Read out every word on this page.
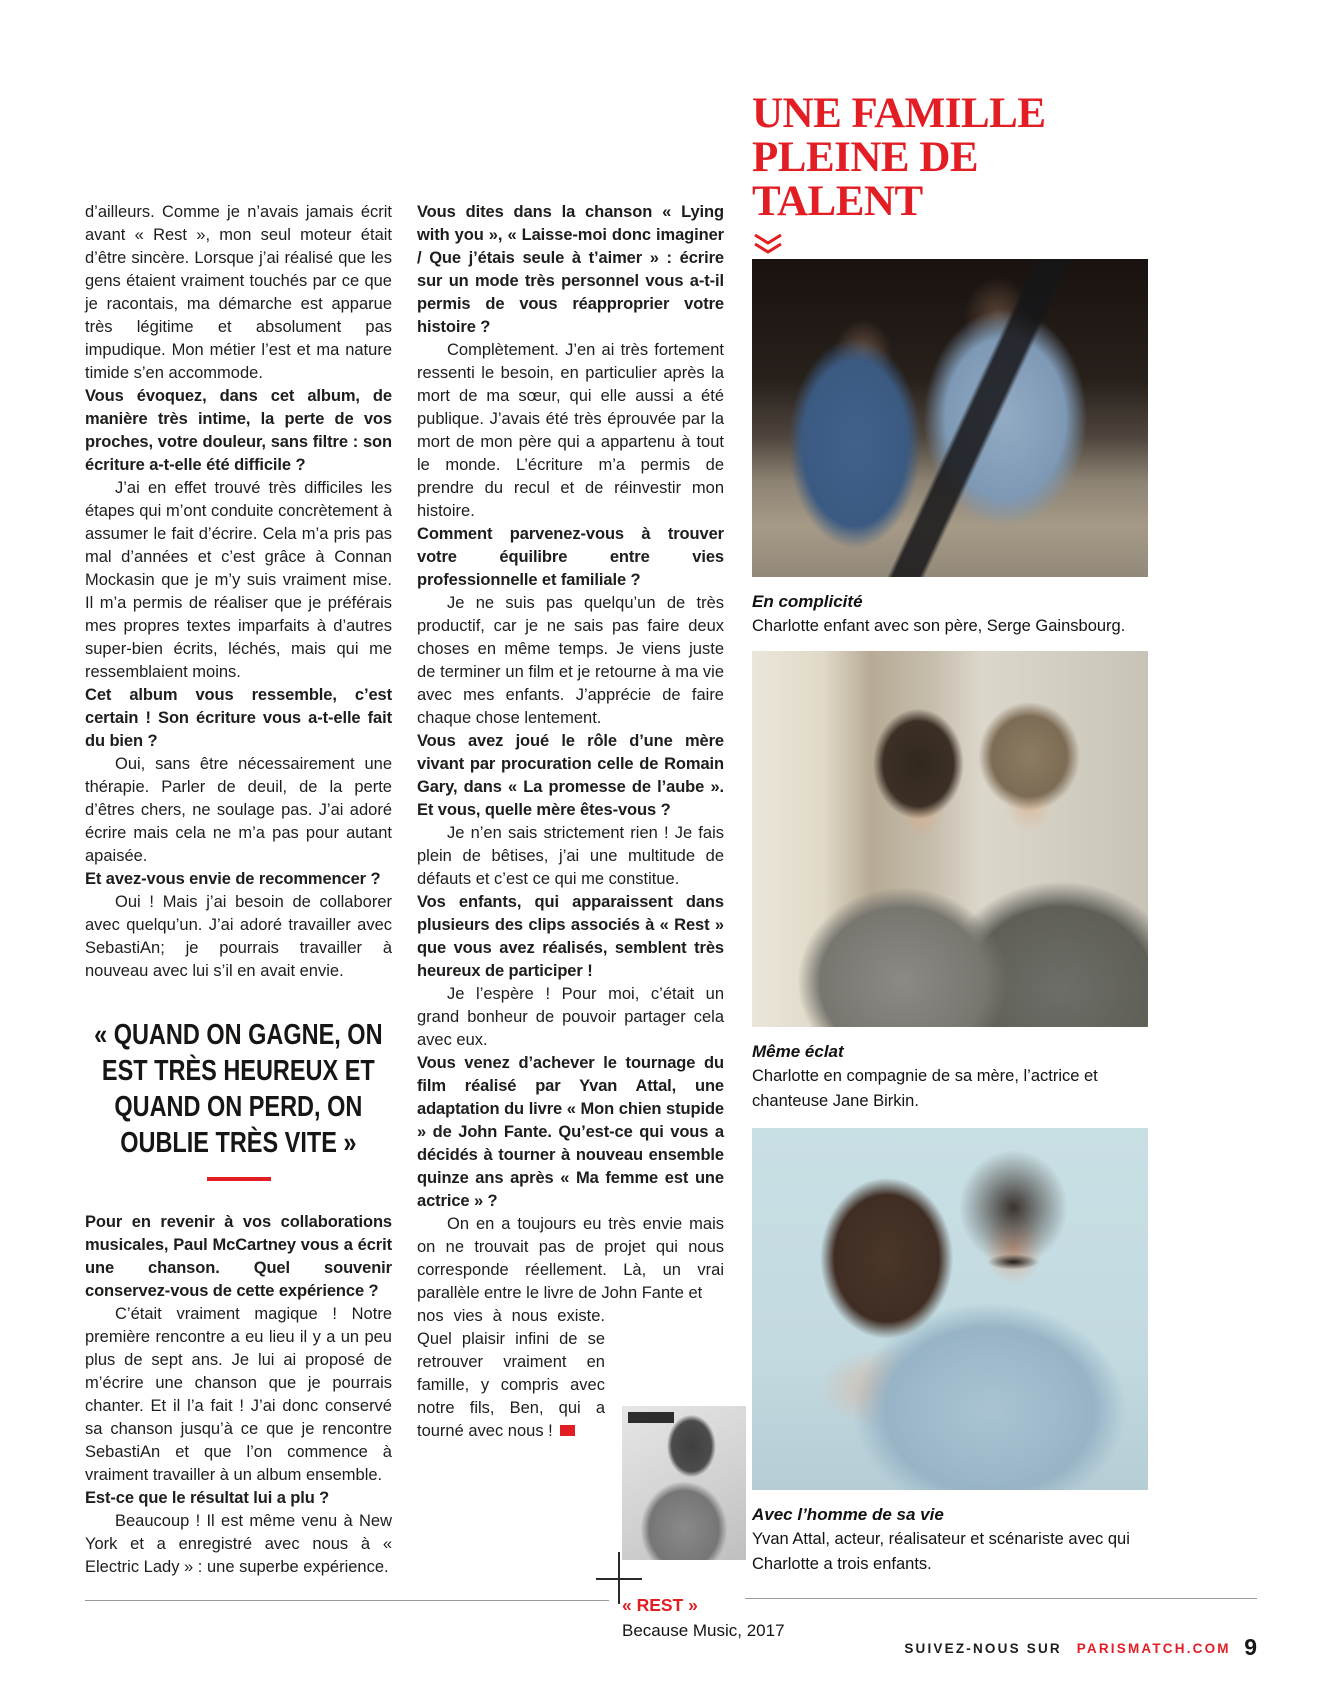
d’ailleurs. Comme je n’avais jamais écrit avant « Rest », mon seul moteur était d’être sincère. Lorsque j’ai réalisé que les gens étaient vraiment touchés par ce que je racontais, ma démarche est apparue très légitime et absolument pas impudique. Mon métier l’est et ma nature timide s’en accommode.

Vous évoquez, dans cet album, de manière très intime, la perte de vos proches, votre douleur, sans filtre : son écriture a-t-elle été difficile ?

J’ai en effet trouvé très difficiles les étapes qui m’ont conduite concrètement à assumer le fait d’écrire. Cela m’a pris pas mal d’années et c’est grâce à Connan Mockasin que je m’y suis vraiment mise. Il m’a permis de réaliser que je préférais mes propres textes imparfaits à d’autres super-bien écrits, léchés, mais qui me ressemblaient moins.

Cet album vous ressemble, c’est certain ! Son écriture vous a-t-elle fait du bien ?

Oui, sans être nécessairement une thérapie. Parler de deuil, de la perte d’êtres chers, ne soulage pas. J’ai adoré écrire mais cela ne m’a pas pour autant apaisée.

Et avez-vous envie de recommencer ?

Oui ! Mais j’ai besoin de collaborer avec quelqu’un. J’ai adoré travailler avec SebastiAn; je pourrais travailler à nouveau avec lui s’il en avait envie.

« QUAND ON GAGNE, ON EST TRÈS HEUREUX ET QUAND ON PERD, ON OUBLIE TRÈS VITE »

Pour en revenir à vos collaborations musicales, Paul McCartney vous a écrit une chanson. Quel souvenir conservez-vous de cette expérience ?

C’était vraiment magique ! Notre première rencontre a eu lieu il y a un peu plus de sept ans. Je lui ai proposé de m’écrire une chanson que je pourrais chanter. Et il l’a fait ! J’ai donc conservé sa chanson jusqu’à ce que je rencontre SebastiAn et que l’on commence à vraiment travailler à un album ensemble.

Est-ce que le résultat lui a plu ?

Beaucoup ! Il est même venu à New York et a enregistré avec nous à « Electric Lady » : une superbe expérience.

Vous dites dans la chanson « Lying with you », « Laisse-moi donc imaginer / Que j’étais seule à t’aimer » : écrire sur un mode très personnel vous a-t-il permis de vous réapproprier votre histoire ?

Complètement. J’en ai très fortement ressenti le besoin, en particulier après la mort de ma sœur, qui elle aussi a été publique. J’avais été très éprouvée par la mort de mon père qui a appartenu à tout le monde. L’écriture m’a permis de prendre du recul et de réinvestir mon histoire.

Comment parvenez-vous à trouver votre équilibre entre vies professionnelle et familiale ?

Je ne suis pas quelqu’un de très productif, car je ne sais pas faire deux choses en même temps. Je viens juste de terminer un film et je retourne à ma vie avec mes enfants. J’apprécie de faire chaque chose lentement.

Vous avez joué le rôle d’une mère vivant par procuration celle de Romain Gary, dans « La promesse de l’aube ». Et vous, quelle mère êtes-vous ?

Je n’en sais strictement rien ! Je fais plein de bêtises, j’ai une multitude de défauts et c’est ce qui me constitue.

Vos enfants, qui apparaissent dans plusieurs des clips associés à « Rest » que vous avez réalisés, semblent très heureux de participer !

Je l’espère ! Pour moi, c’était un grand bonheur de pouvoir partager cela avec eux.

Vous venez d’achever le tournage du film réalisé par Yvan Attal, une adaptation du livre « Mon chien stupide » de John Fante. Qu’est-ce qui vous a décidés à tourner à nouveau ensemble quinze ans après « Ma femme est une actrice » ?

On en a toujours eu très envie mais on ne trouvait pas de projet qui nous corresponde réellement. Là, un vrai parallèle entre le livre de John Fante et

nos vies à nous existe. Quel plaisir infini de se retrouver vraiment en famille, y compris avec notre fils, Ben, qui a tourné avec nous !

UNE FAMILLE
PLEINE DE TALENT
En complicité
Charlotte enfant avec son père, Serge Gainsbourg.
Même éclat
Charlotte en compagnie de sa mère, l’actrice et chanteuse Jane Birkin.
Avec l’homme de sa vie
Yvan Attal, acteur, réalisateur et scénariste avec qui Charlotte a trois enfants.
« REST »
Because Music, 2017
SUIVEZ-NOUS SUR PARISMATCH.COM 9
